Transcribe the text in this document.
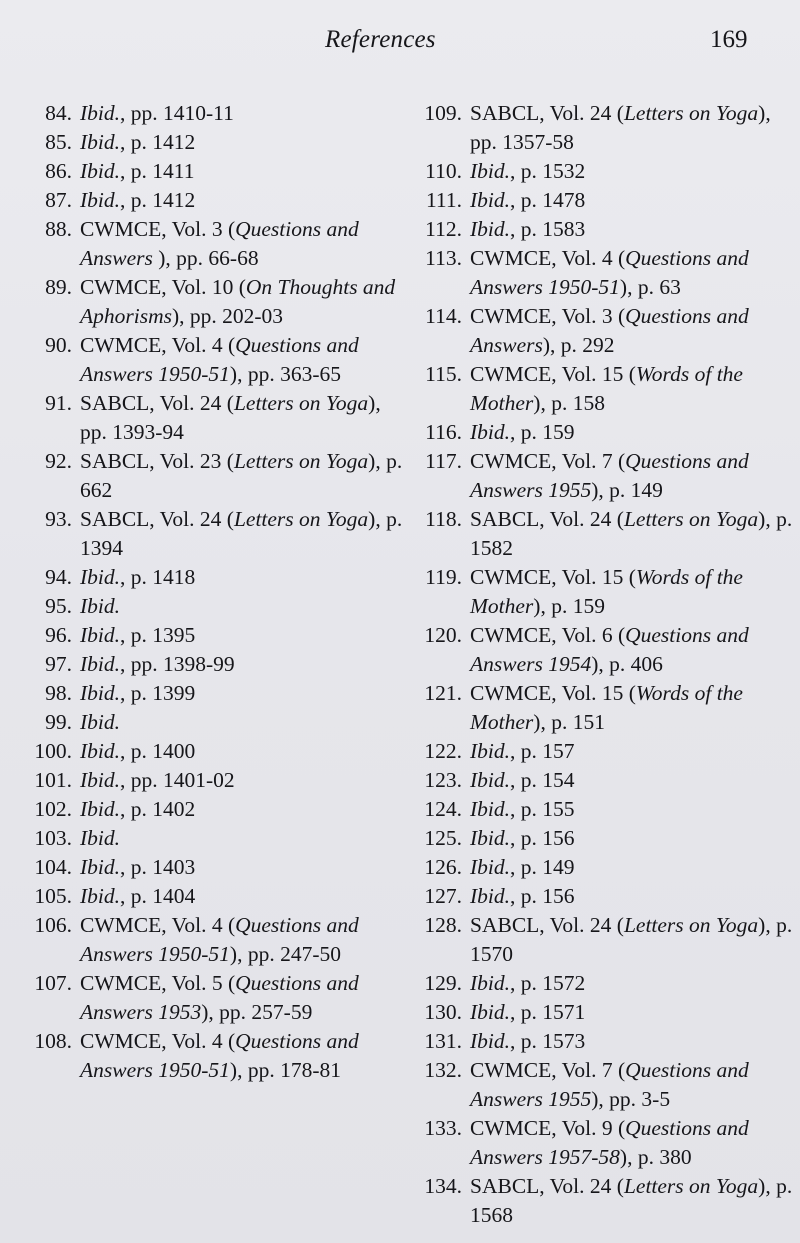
References	169
84. Ibid., pp. 1410-11
85. Ibid., p. 1412
86. Ibid., p. 1411
87. Ibid., p. 1412
88. CWMCE, Vol. 3 (Questions and Answers ), pp. 66-68
89. CWMCE, Vol. 10 (On Thoughts and Aphorisms), pp. 202-03
90. CWMCE, Vol. 4 (Questions and Answers 1950-51), pp. 363-65
91. SABCL, Vol. 24 (Letters on Yoga), pp. 1393-94
92. SABCL, Vol. 23 (Letters on Yoga), p. 662
93. SABCL, Vol. 24 (Letters on Yoga), p. 1394
94. Ibid., p. 1418
95. Ibid.
96. Ibid., p. 1395
97. Ibid., pp. 1398-99
98. Ibid., p. 1399
99. Ibid.
100. Ibid., p. 1400
101. Ibid., pp. 1401-02
102. Ibid., p. 1402
103. Ibid.
104. Ibid., p. 1403
105. Ibid., p. 1404
106. CWMCE, Vol. 4 (Questions and Answers 1950-51), pp. 247-50
107. CWMCE, Vol. 5 (Questions and Answers 1953), pp. 257-59
108. CWMCE, Vol. 4 (Questions and Answers 1950-51), pp. 178-81
109. SABCL, Vol. 24 (Letters on Yoga), pp. 1357-58
110. Ibid., p. 1532
111. Ibid., p. 1478
112. Ibid., p. 1583
113. CWMCE, Vol. 4 (Questions and Answers 1950-51), p. 63
114. CWMCE, Vol. 3 (Questions and Answers), p. 292
115. CWMCE, Vol. 15 (Words of the Mother), p. 158
116. Ibid., p. 159
117. CWMCE, Vol. 7 (Questions and Answers 1955), p. 149
118. SABCL, Vol. 24 (Letters on Yoga), p. 1582
119. CWMCE, Vol. 15 (Words of the Mother), p. 159
120. CWMCE, Vol. 6 (Questions and Answers 1954), p. 406
121. CWMCE, Vol. 15 (Words of the Mother), p. 151
122. Ibid., p. 157
123. Ibid., p. 154
124. Ibid., p. 155
125. Ibid., p. 156
126. Ibid., p. 149
127. Ibid., p. 156
128. SABCL, Vol. 24 (Letters on Yoga), p. 1570
129. Ibid., p. 1572
130. Ibid., p. 1571
131. Ibid., p. 1573
132. CWMCE, Vol. 7 (Questions and Answers 1955), pp. 3-5
133. CWMCE, Vol. 9 (Questions and Answers 1957-58), p. 380
134. SABCL, Vol. 24 (Letters on Yoga), p. 1568
